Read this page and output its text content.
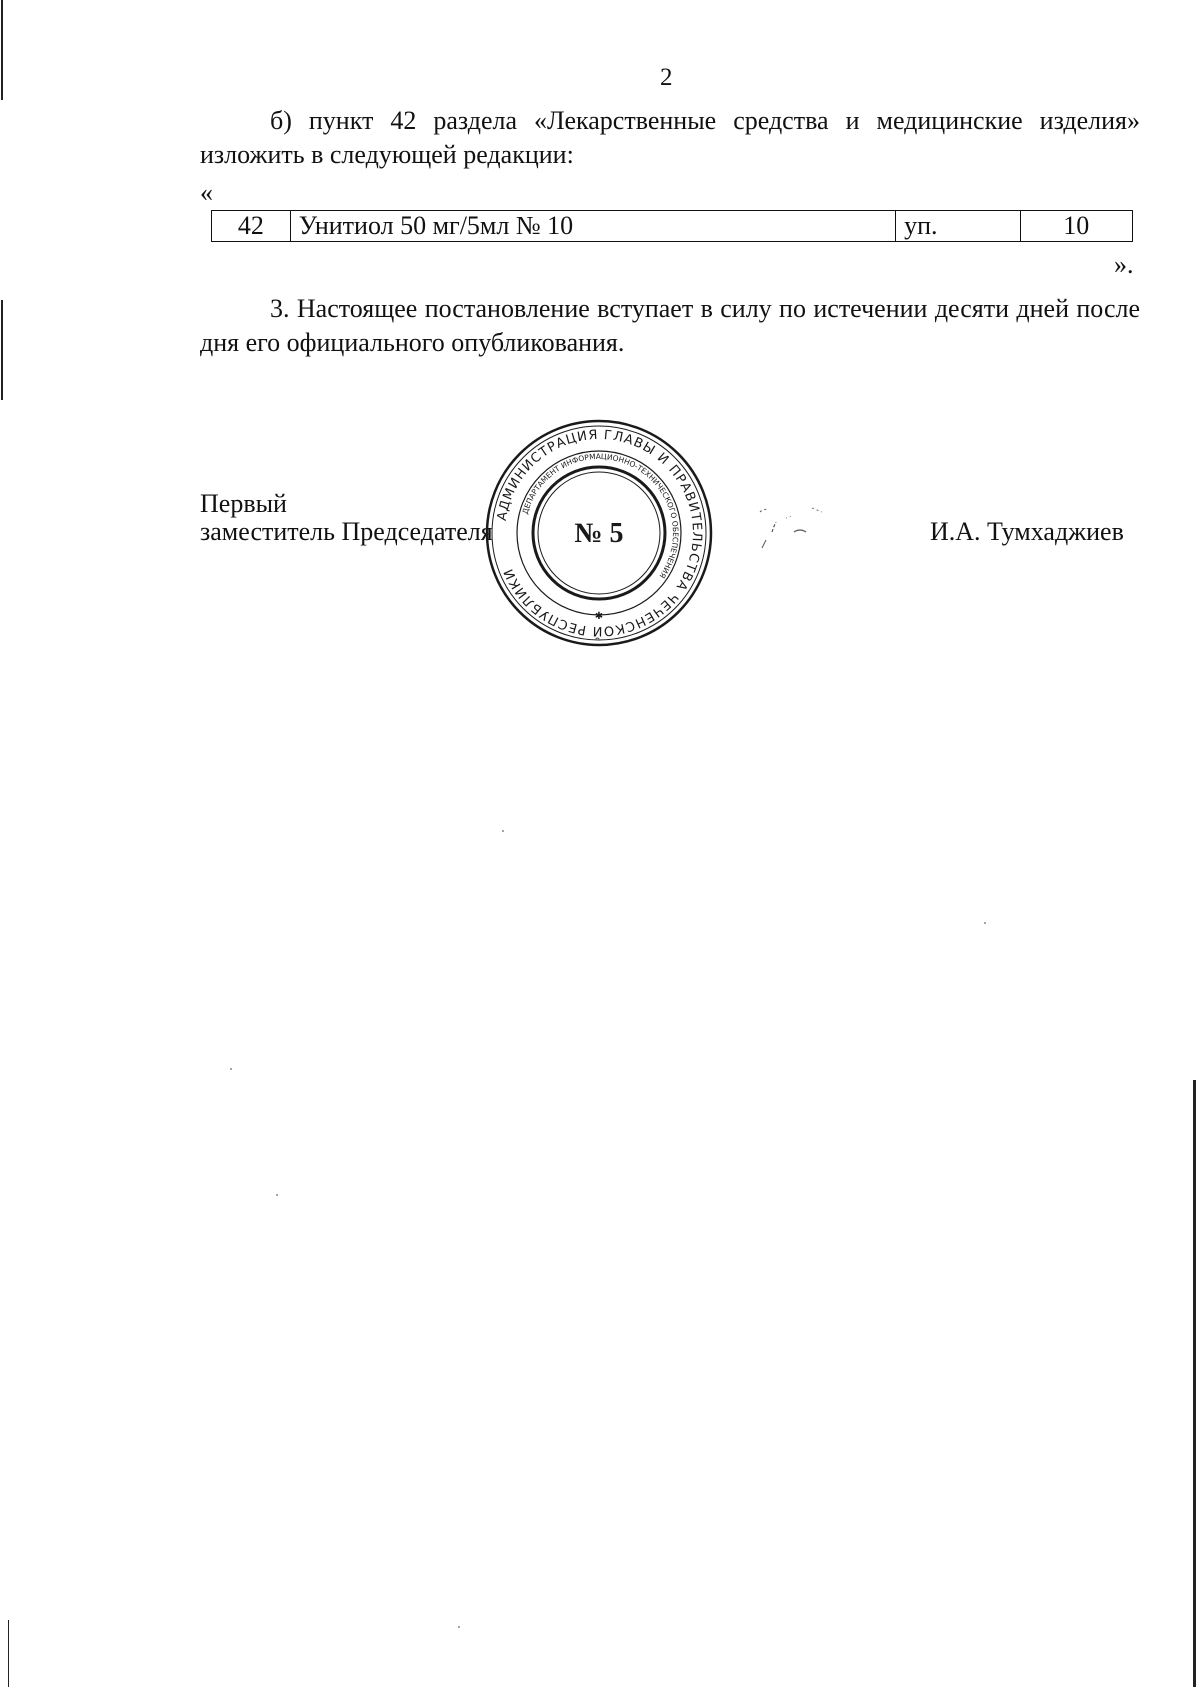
2
б) пункт 42 раздела «Лекарственные средства и медицинские изделия» изложить в следующей редакции:
«
42	Унитиол 50 мг/5мл № 10	уп.	10
».
3. Настоящее постановление вступает в силу по истечении десяти дней после дня его официального опубликования.
Первый
заместитель Председателя
АДМИНИСТРАЦИЯ ГЛАВЫ И ПРАВИТЕЛЬСТВА ЧЕЧЕНСКОЙ РЕСПУБЛИКИ
ДЕПАРТАМЕНТ ИНФОРМАЦИОННО-ТЕХНИЧЕСКОГО ОБЕСПЕЧЕНИЯ
№ 5
✱
И.А. Тумхаджиев
